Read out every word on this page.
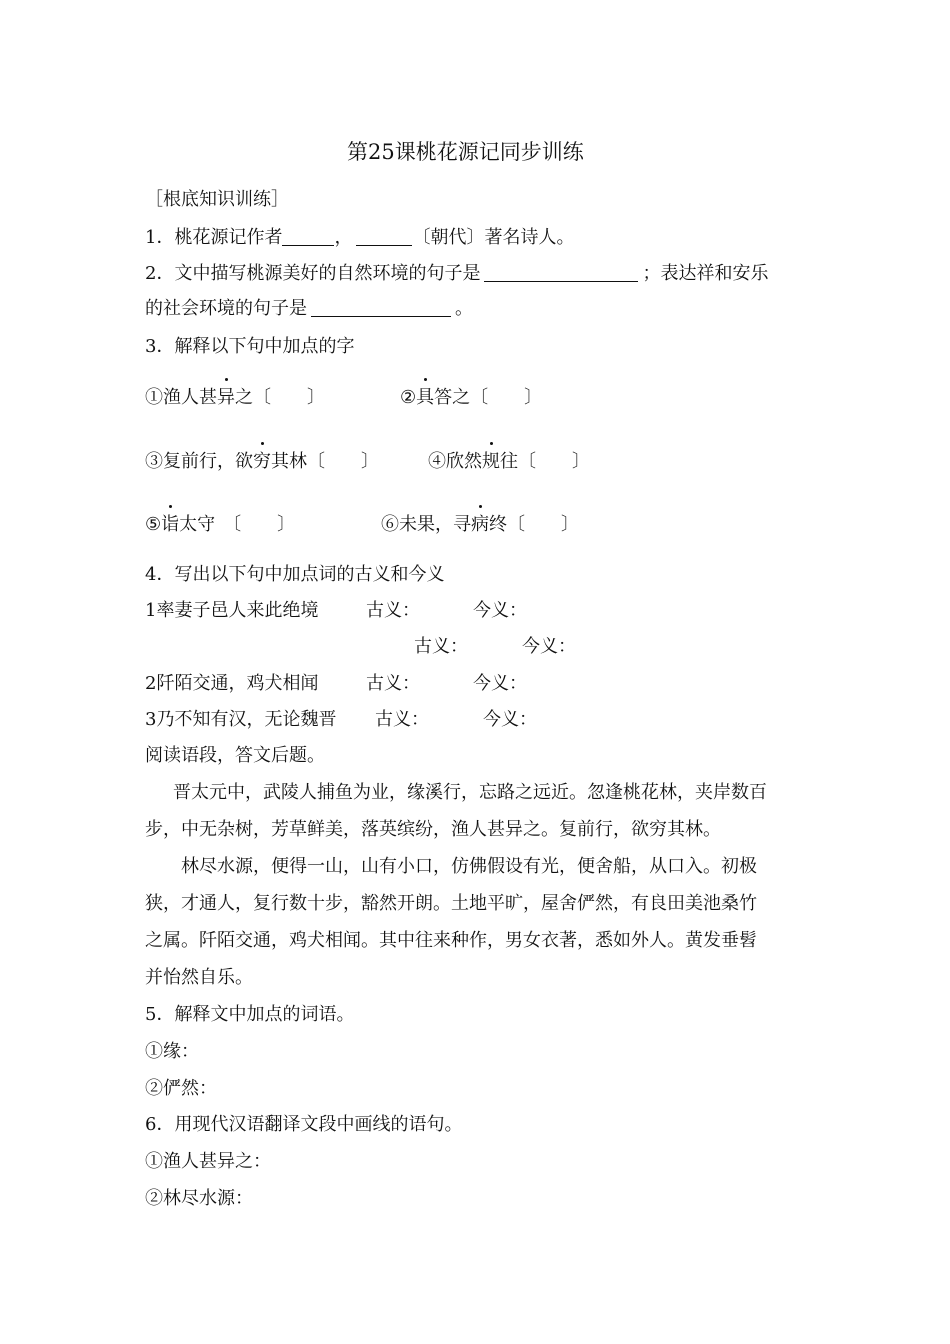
第25课桃花源记同步训练
［根底知识训练］
1．桃花源记作者	，	〔朝代〕著名诗人。
2．文中描写桃源美好的自然环境的句子是	；表达祥和安乐
的社会环境的句子是	。
3．解释以下句中加点的字
①渔人甚异之〔　　〕	②具答之〔　　〕
③复前行，欲穷其林〔　　〕	④欣然规往〔　　〕
⑤诣太守 〔　　〕	⑥未果，寻病终〔　　〕
4．写出以下句中加点词的古义和今义
1率妻子邑人来此绝境	古义：	今义：
古义：	今义：
2阡陌交通，鸡犬相闻	古义：	今义：
3乃不知有汉，无论魏晋 古义：	今义：
阅读语段，答文后题。
晋太元中，武陵人捕鱼为业，缘溪行，忘路之远近。忽逢桃花林，夹岸数百
步，中无杂树，芳草鲜美，落英缤纷，渔人甚异之。复前行，欲穷其林。
林尽水源，便得一山，山有小口，仿佛假设有光，便舍船，从口入。初极
狭，才通人，复行数十步，豁然开朗。土地平旷，屋舍俨然，有良田美池桑竹
之属。阡陌交通，鸡犬相闻。其中往来种作，男女衣著，悉如外人。黄发垂髫
并怡然自乐。
5．解释文中加点的词语。
①缘：
②俨然：
6．用现代汉语翻译文段中画线的语句。
①渔人甚异之：
②林尽水源：
